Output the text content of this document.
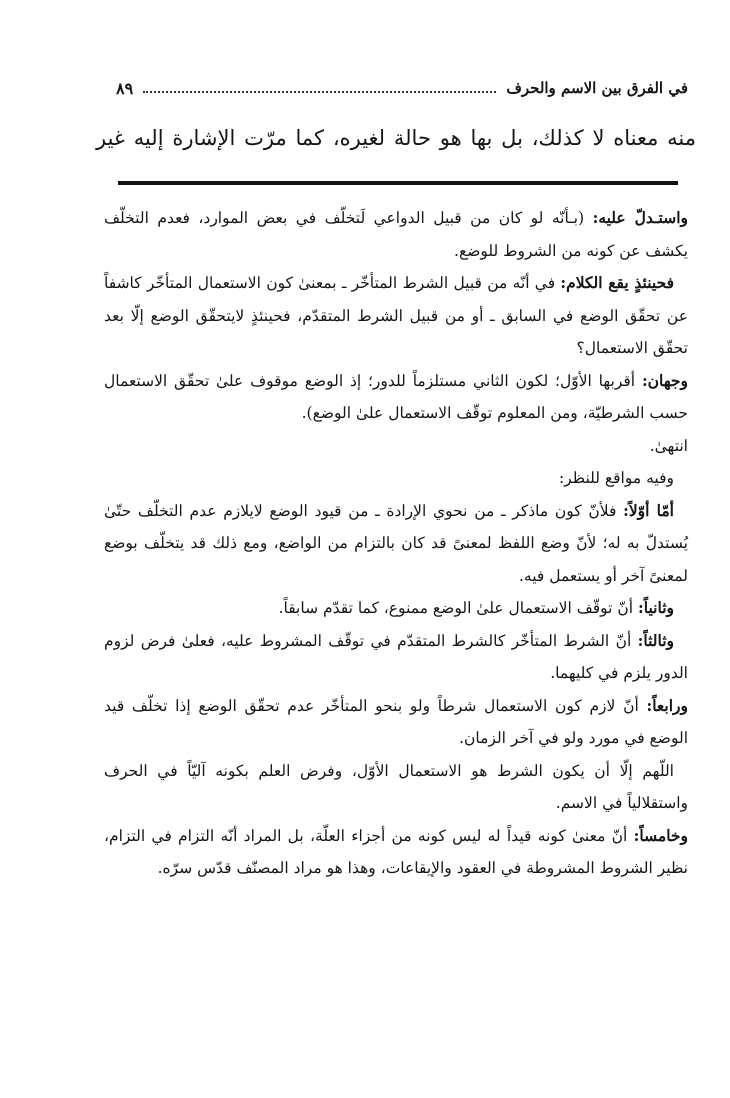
في الفرق بين الاسم والحرف
٨٩
منه معناه لا كذلك، بل بها هو حالة لغيره، كما مرّت الإشارة إليه غير

واستـدلّ عليه: (بـأنّه لو كان من قبيل الدواعي لَتخلّف في بعض الموارد، فعدم التخلّف يكشف عن كونه من الشروط للوضع.

فحينئذٍ يقع الكلام: في أنّه من قبيل الشرط المتأخّر ـ بمعنىٰ كون الاستعمال المتأخّر كاشفاً عن تحقّق الوضع في السابق ـ أو من قبيل الشرط المتقدّم، فحينئذٍ لايتحقّق الوضع إلّا بعد تحقّق الاستعمال؟

وجهان: أقربها الأوّل؛ لكون الثاني مستلزماً للدور؛ إذ الوضع موقوف علىٰ تحقّق الاستعمال حسب الشرطيّة، ومن المعلوم توقّف الاستعمال علىٰ الوضع).

انتهىٰ.

وفيه مواقع للنظر:

أمّا أوّلاً: فلأنّ كون ماذكر ـ من نحوي الإرادة ـ من قيود الوضع لايلازم عدم التخلّف حتّىٰ يُستدلّ به له؛ لأنّ وضع اللفظ لمعنىً قد كان بالتزام من الواضع، ومع ذلك قد يتخلّف بوضع لمعنىً آخر أو يستعمل فيه.

وثانياً: أنّ توقّف الاستعمال علىٰ الوضع ممنوع، كما تقدّم سابقاً.

وثالثاً: أنّ الشرط المتأخّر كالشرط المتقدّم في توقّف المشروط عليه، فعلىٰ فرض لزوم الدور يلزم في كليهما.

ورابعاً: أنّ لازم كون الاستعمال شرطاً ولو بنحو المتأخّر عدم تحقّق الوضع إذا تخلّف قيد الوضع في مورد ولو في آخر الزمان.

اللّهم إلّا أن يكون الشرط هو الاستعمال الأوّل، وفرض العلم بكونه آليّاً في الحرف واستقلالياً في الاسم.

وخامساً: أنّ معنىٰ كونه قيداً له ليس كونه من أجزاء العلّة، بل المراد أنّه التزام في التزام، نظير الشروط المشروطة في العقود والإيقاعات، وهذا هو مراد المصنّف قدّس سرّه.
